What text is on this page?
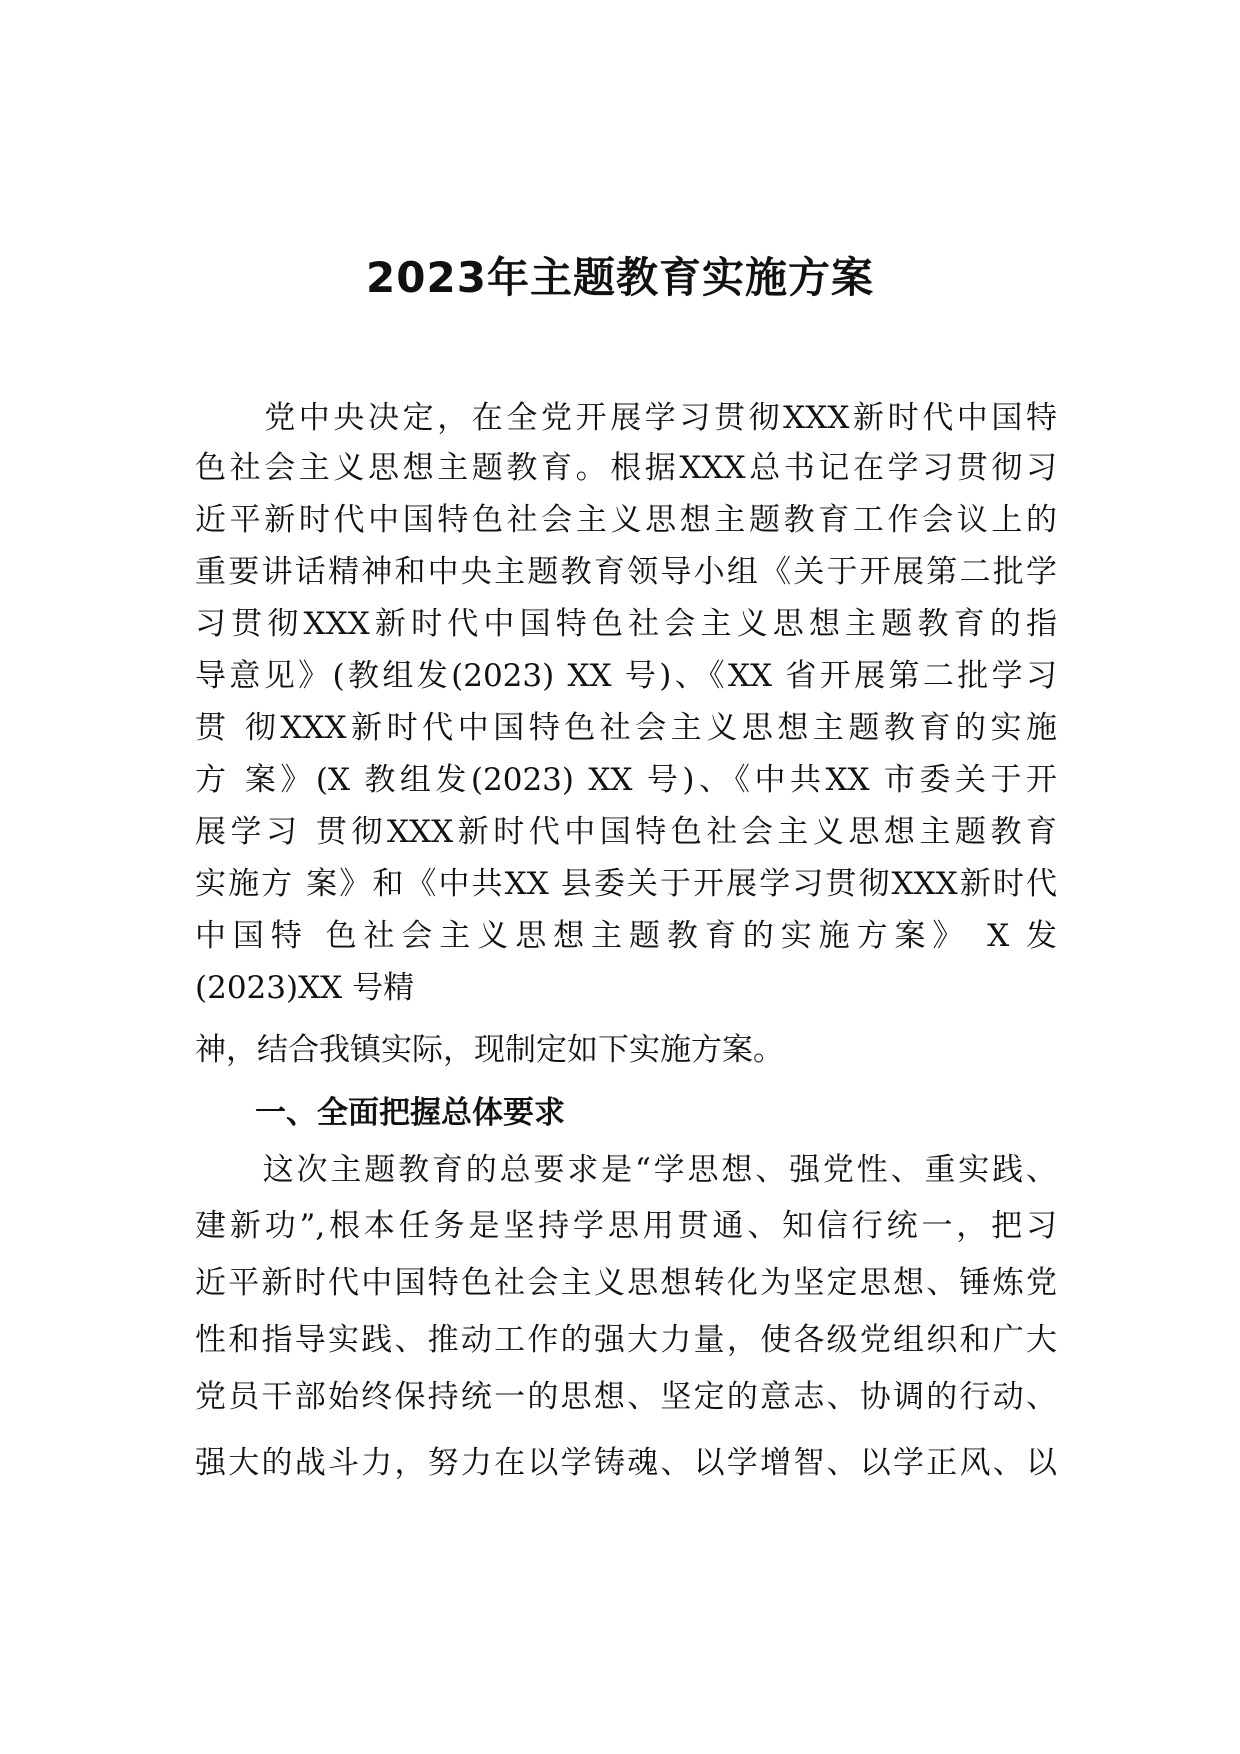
2023年主题教育实施方案
　　党中央决定，在全党开展学习贯彻XXX新时代中国特
色社会主义思想主题教育。根据XXX总书记在学习贯彻习
近平新时代中国特色社会主义思想主题教育工作会议上的
重要讲话精神和中央主题教育领导小组《关于开展第二批学
习贯彻XXX新时代中国特色社会主义思想主题教育的指
导意见》(教组发(2023) XX 号)、《XX 省开展第二批学习
贯 彻XXX新时代中国特色社会主义思想主题教育的实施
方 案》(X 教组发(2023) XX 号)、《中共XX 市委关于开
展学习 贯彻XXX新时代中国特色社会主义思想主题教育
实施方 案》和《中共XX 县委关于开展学习贯彻XXX新时代
中国特 色社会主义思想主题教育的实施方案》 X 发
(2023)XX 号精
神，结合我镇实际，现制定如下实施方案。
一、全面把握总体要求
　　这次主题教育的总要求是“学思想、强党性、重实践、
建新功”,根本任务是坚持学思用贯通、知信行统一，把习
近平新时代中国特色社会主义思想转化为坚定思想、锤炼党
性和指导实践、推动工作的强大力量，使各级党组织和广大
党员干部始终保持统一的思想、坚定的意志、协调的行动、
强大的战斗力，努力在以学铸魂、以学增智、以学正风、以
